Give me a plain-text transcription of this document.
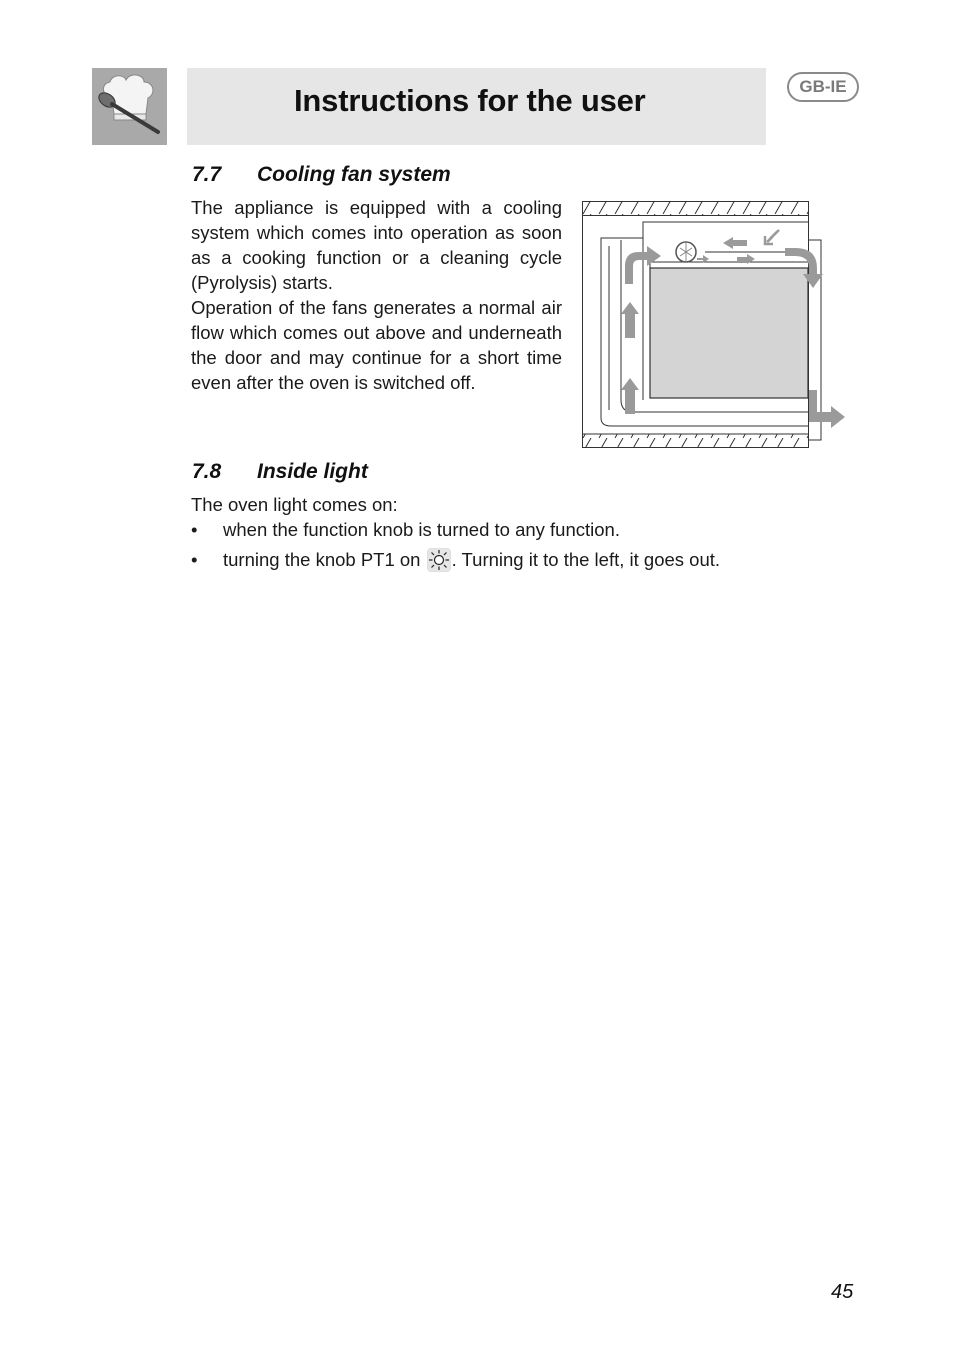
Instructions for the user	GB-IE
7.7 Cooling fan system
The appliance is equipped with a cooling system which comes into operation as soon as a cooking function or a cleaning cycle (Pyrolysis) starts.
Operation of the fans generates a normal air flow which comes out above and underneath the door and may continue for a short time even after the oven is switched off.
7.8 Inside light
The oven light comes on:
•	when the function knob is turned to any function.
•	turning the knob PT1 on . Turning it to the left, it goes out.
45
